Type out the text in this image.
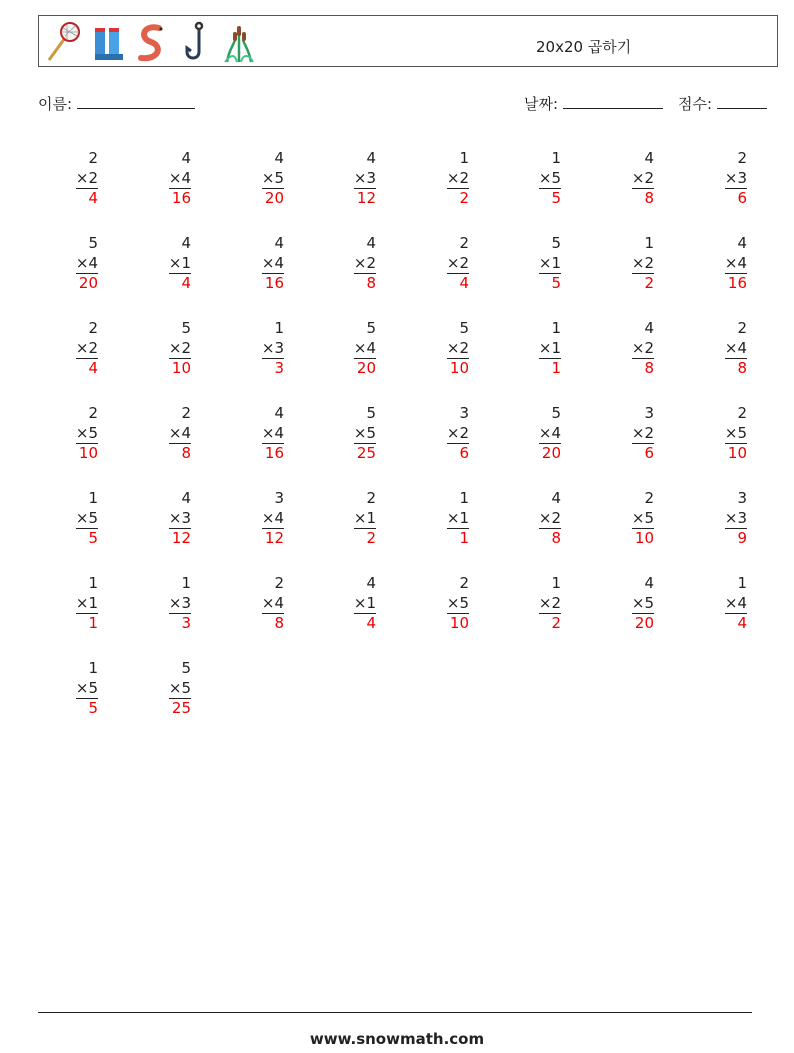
20x20 곱하기
이름:	날짜:	점수:
2
×2
4
4
×4
16
4
×5
20
4
×3
12
1
×2
2
1
×5
5
4
×2
8
2
×3
6
5
×4
20
4
×1
4
4
×4
16
4
×2
8
2
×2
4
5
×1
5
1
×2
2
4
×4
16
2
×2
4
5
×2
10
1
×3
3
5
×4
20
5
×2
10
1
×1
1
4
×2
8
2
×4
8
2
×5
10
2
×4
8
4
×4
16
5
×5
25
3
×2
6
5
×4
20
3
×2
6
2
×5
10
1
×5
5
4
×3
12
3
×4
12
2
×1
2
1
×1
1
4
×2
8
2
×5
10
3
×3
9
1
×1
1
1
×3
3
2
×4
8
4
×1
4
2
×5
10
1
×2
2
4
×5
20
1
×4
4
1
×5
5
5
×5
25
www.snowmath.com
